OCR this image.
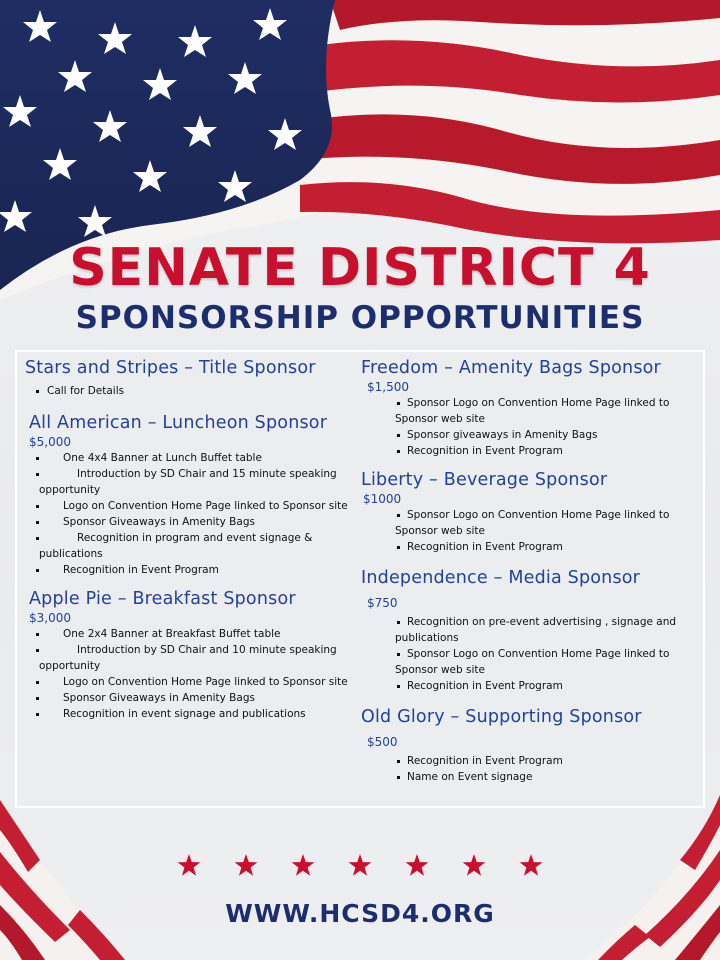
SENATE DISTRICT 4
SPONSORSHIP OPPORTUNITIES
Stars and Stripes – Title Sponsor
Call for Details
All American – Luncheon Sponsor
$5,000
One 4x4 Banner at Lunch Buffet table
Introduction by SD Chair and 15 minute speaking opportunity
Logo on Convention Home Page linked to Sponsor site
Sponsor Giveaways in Amenity Bags
Recognition in program and event signage & publications
Recognition in Event Program
Apple Pie – Breakfast Sponsor
$3,000
One 2x4 Banner at Breakfast Buffet table
Introduction by SD Chair and 10 minute speaking opportunity
Logo on Convention Home Page linked to Sponsor site
Sponsor Giveaways in Amenity Bags
Recognition in event signage and publications
Freedom – Amenity Bags Sponsor
$1,500
Sponsor Logo on Convention Home Page linked to Sponsor web site
Sponsor giveaways in Amenity Bags
Recognition in Event Program
Liberty – Beverage Sponsor
$1000
Sponsor Logo on Convention Home Page linked to Sponsor web site
Recognition in Event Program
Independence – Media Sponsor
$750
Recognition on pre-event advertising , signage and publications
Sponsor Logo on Convention Home Page linked to Sponsor web site
Recognition in Event Program
Old Glory – Supporting Sponsor
$500
Recognition in Event Program
Name on Event signage
WWW.HCSD4.ORG
